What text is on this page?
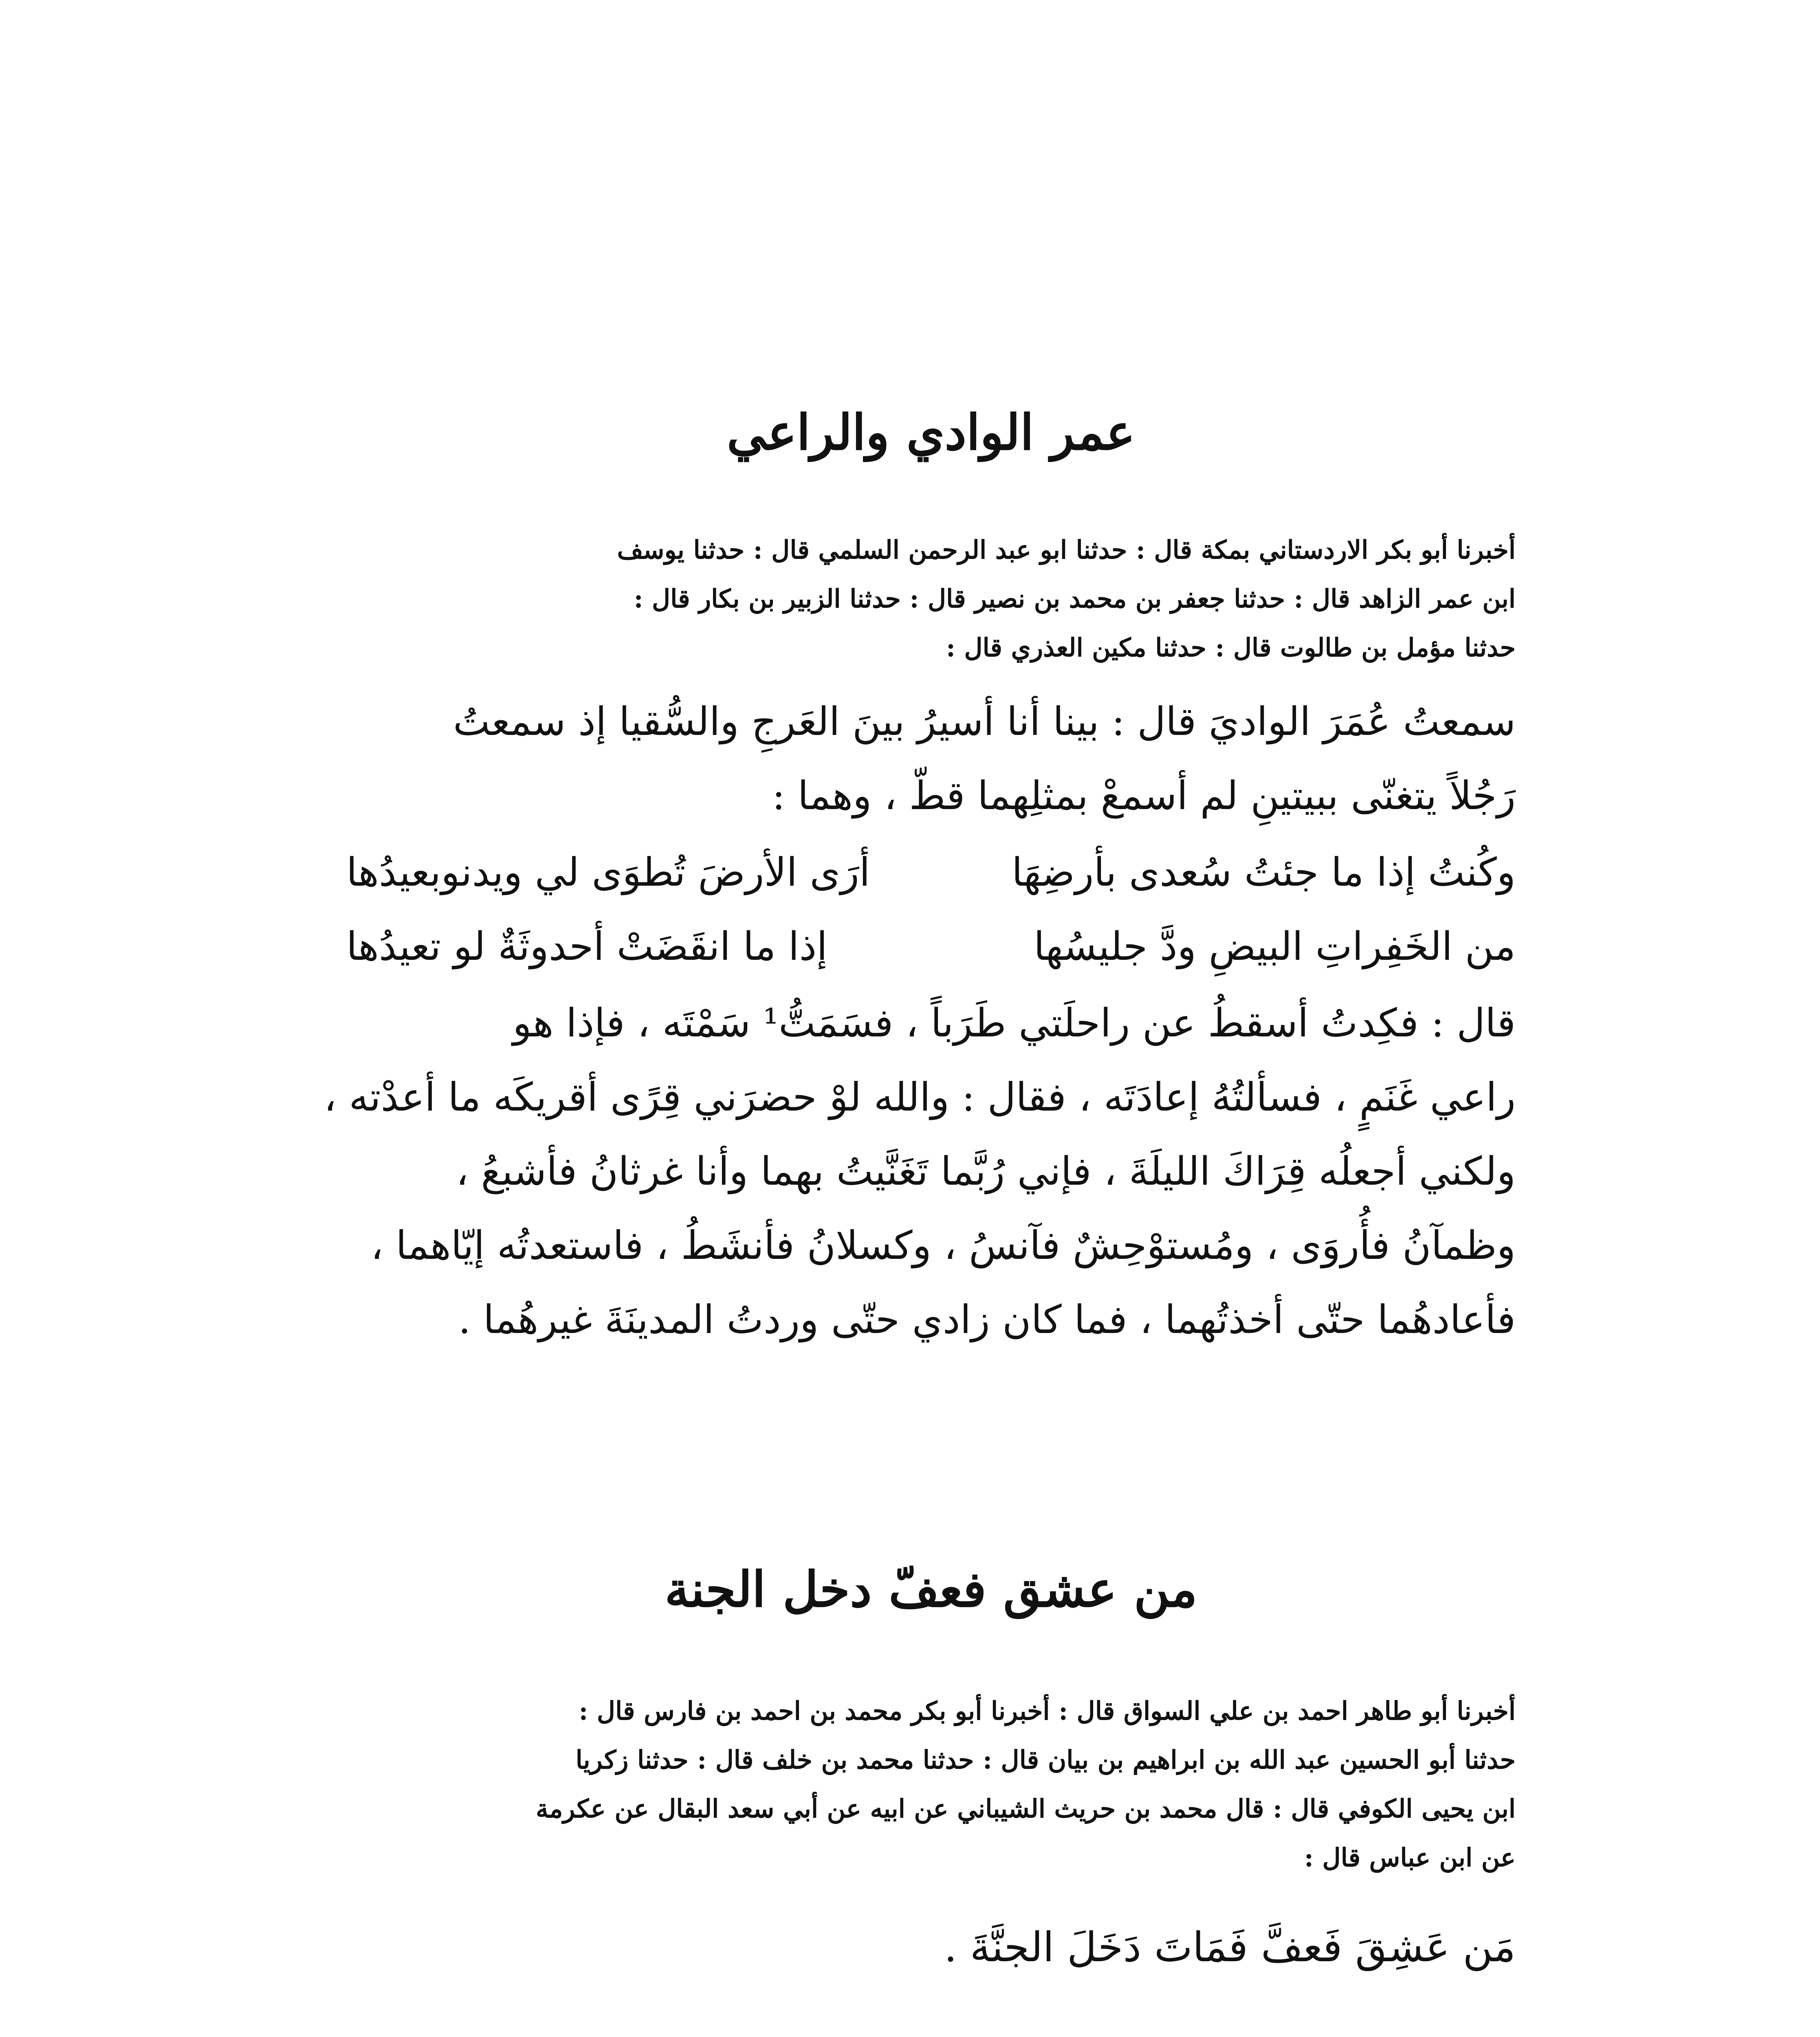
عمر الوادي والراعي
أخبرنا أبو بكر الاردستاني بمكة قال : حدثنا ابو عبد الرحمن السلمي قال : حدثنا يوسف
ابن عمر الزاهد قال : حدثنا جعفر بن محمد بن نصير قال : حدثنا الزبير بن بكار قال :
حدثنا مؤمل بن طالوت قال : حدثنا مكين العذري قال :
سمعتُ عُمَرَ الواديَ قال : بينا أنا أسيرُ بينَ العَرجِ والسُّقيا إذ سمعتُ
رَجُلاً يتغنّى ببيتينِ لم أسمعْ بمثلِهما قطّ ، وهما :
وكُنتُ إذا ما جئتُ سُعدى بأرضِهَا
أرَى الأرضَ تُطوَى لي ويدنوبعيدُها
من الخَفِراتِ البيضِ ودَّ جليسُها
إذا ما انقَضَتْ أحدوثَةٌ لو تعيدُها
قال : فكِدتُ أسقطُ عن راحلَتي طَرَباً ، فسَمَتُّ¹ سَمْتَه ، فإذا هو
راعي غَنَمٍ ، فسألتُهُ إعادَتَه ، فقال : والله لوْ حضرَني قِرًى أقريكَه ما أعدْته ،
ولكني أجعلُه قِرَاكَ الليلَةَ ، فإني رُبَّما تَغَنَّيتُ بهما وأنا غرثانُ فأشبعُ ،
وظمآنُ فأُروَى ، ومُستوْحِشٌ فآنسُ ، وكسلانُ فأنشَطُ ، فاستعدتُه إيّاهما ،
فأعادهُما حتّى أخذتُهما ، فما كان زادي حتّى وردتُ المدينَةَ غيرهُما .
من عشق فعفّ دخل الجنة
أخبرنا أبو طاهر احمد بن علي السواق قال : أخبرنا أبو بكر محمد بن احمد بن فارس قال :
حدثنا أبو الحسين عبد الله بن ابراهيم بن بيان قال : حدثنا محمد بن خلف قال : حدثنا زكريا
ابن يحيى الكوفي قال : قال محمد بن حريث الشيباني عن ابيه عن أبي سعد البقال عن عكرمة
عن ابن عباس قال :
مَن عَشِقَ فَعفَّ فَمَاتَ دَخَلَ الجنَّةَ .
